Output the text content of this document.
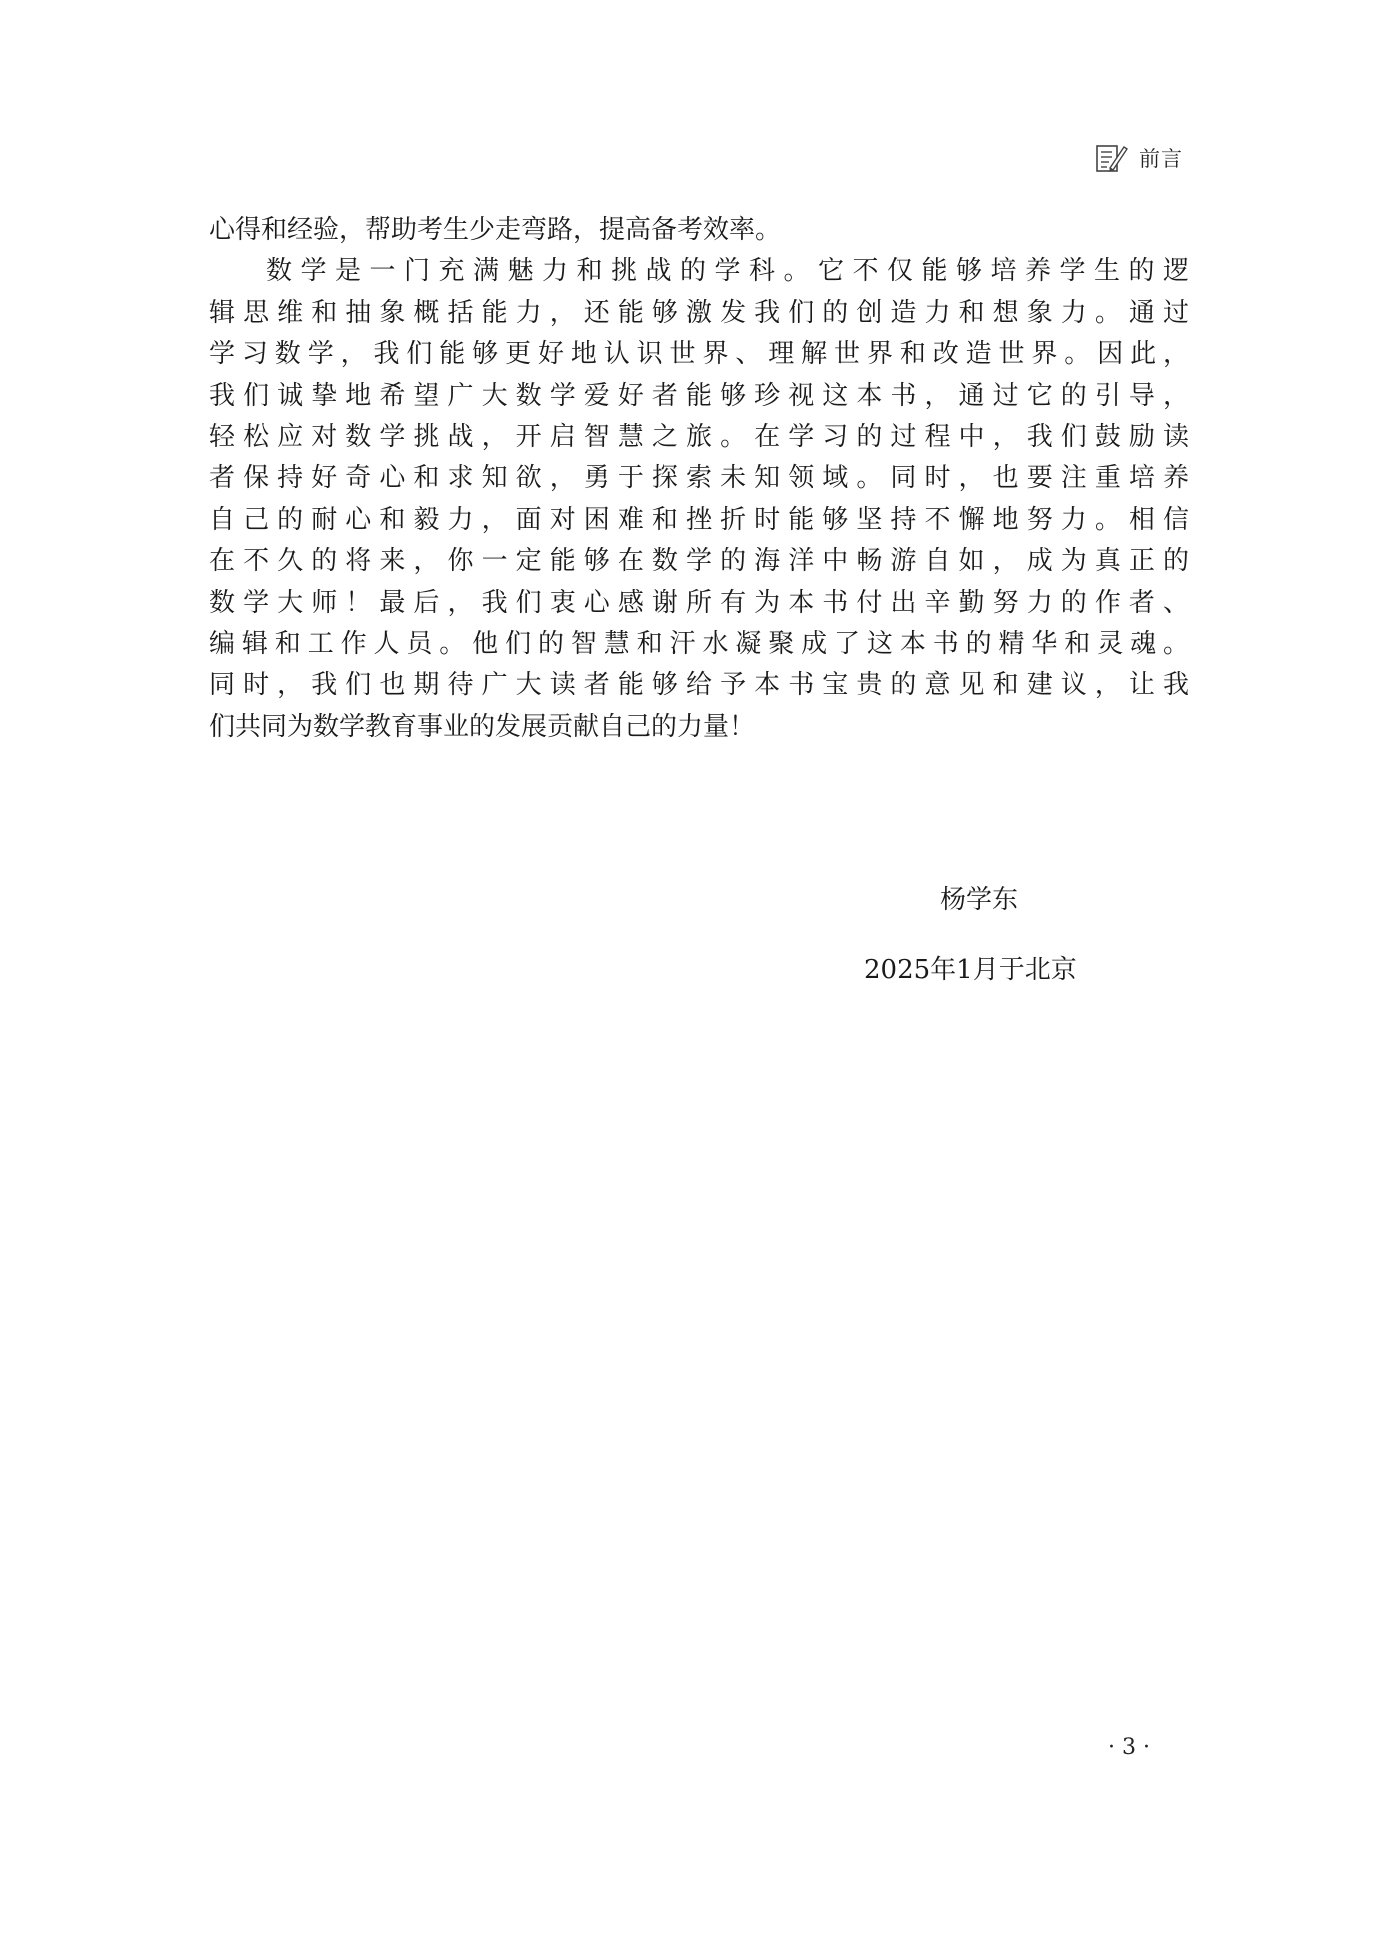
前言
心得和经验，帮助考生少走弯路，提高备考效率。
数学是一门充满魅力和挑战的学科。它不仅能够培养学生的逻
辑思维和抽象概括能力，还能够激发我们的创造力和想象力。通过
学习数学，我们能够更好地认识世界、理解世界和改造世界。因此，
我们诚挚地希望广大数学爱好者能够珍视这本书，通过它的引导，
轻松应对数学挑战，开启智慧之旅。在学习的过程中，我们鼓励读
者保持好奇心和求知欲，勇于探索未知领域。同时，也要注重培养
自己的耐心和毅力，面对困难和挫折时能够坚持不懈地努力。相信
在不久的将来，你一定能够在数学的海洋中畅游自如，成为真正的
数学大师！最后，我们衷心感谢所有为本书付出辛勤努力的作者、
编辑和工作人员。他们的智慧和汗水凝聚成了这本书的精华和灵魂。
同时，我们也期待广大读者能够给予本书宝贵的意见和建议，让我
们共同为数学教育事业的发展贡献自己的力量！
杨学东
2025年1月于北京
· 3 ·
